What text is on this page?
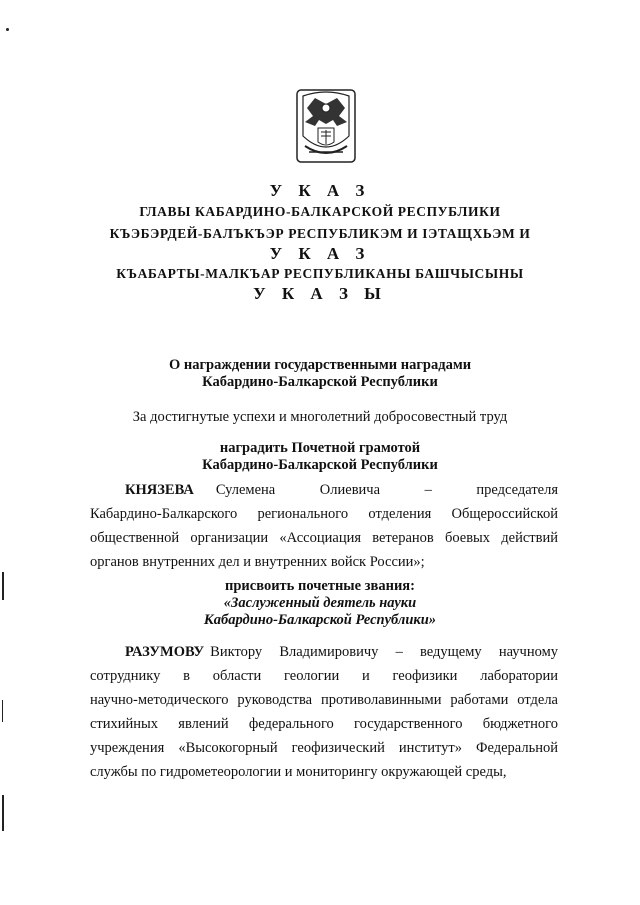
У К А З
ГЛАВЫ КАБАРДИНО-БАЛКАРСКОЙ РЕСПУБЛИКИ
КЪЭБЭРДЕЙ-БАЛЪКЪЭР РЕСПУБЛИКЭМ И IЭТАЩХЬЭМ И
У К А З
КЪАБАРТЫ-МАЛКЪАР РЕСПУБЛИКАНЫ БАШЧЫСЫНЫ
У К А З Ы
О награждении государственными наградами
Кабардино-Балкарской Республики
За достигнутые успехи и многолетний добросовестный труд
наградить Почетной грамотой
Кабардино-Балкарской Республики
КНЯЗЕВА Сулемена Олиевича – председателя
Кабардино-Балкарского регионального отделения Общероссийской
общественной организации «Ассоциация ветеранов боевых действий
органов внутренних дел и внутренних войск России»;
присвоить почетные звания:
«Заслуженный деятель науки
Кабардино-Балкарской Республики»
РАЗУМОВУ Виктору Владимировичу – ведущему научному
сотруднику в области геологии и геофизики лаборатории
научно-методического руководства противолавинными работами отдела
стихийных явлений федерального государственного бюджетного
учреждения «Высокогорный геофизический институт» Федеральной
службы по гидрометеорологии и мониторингу окружающей среды,
